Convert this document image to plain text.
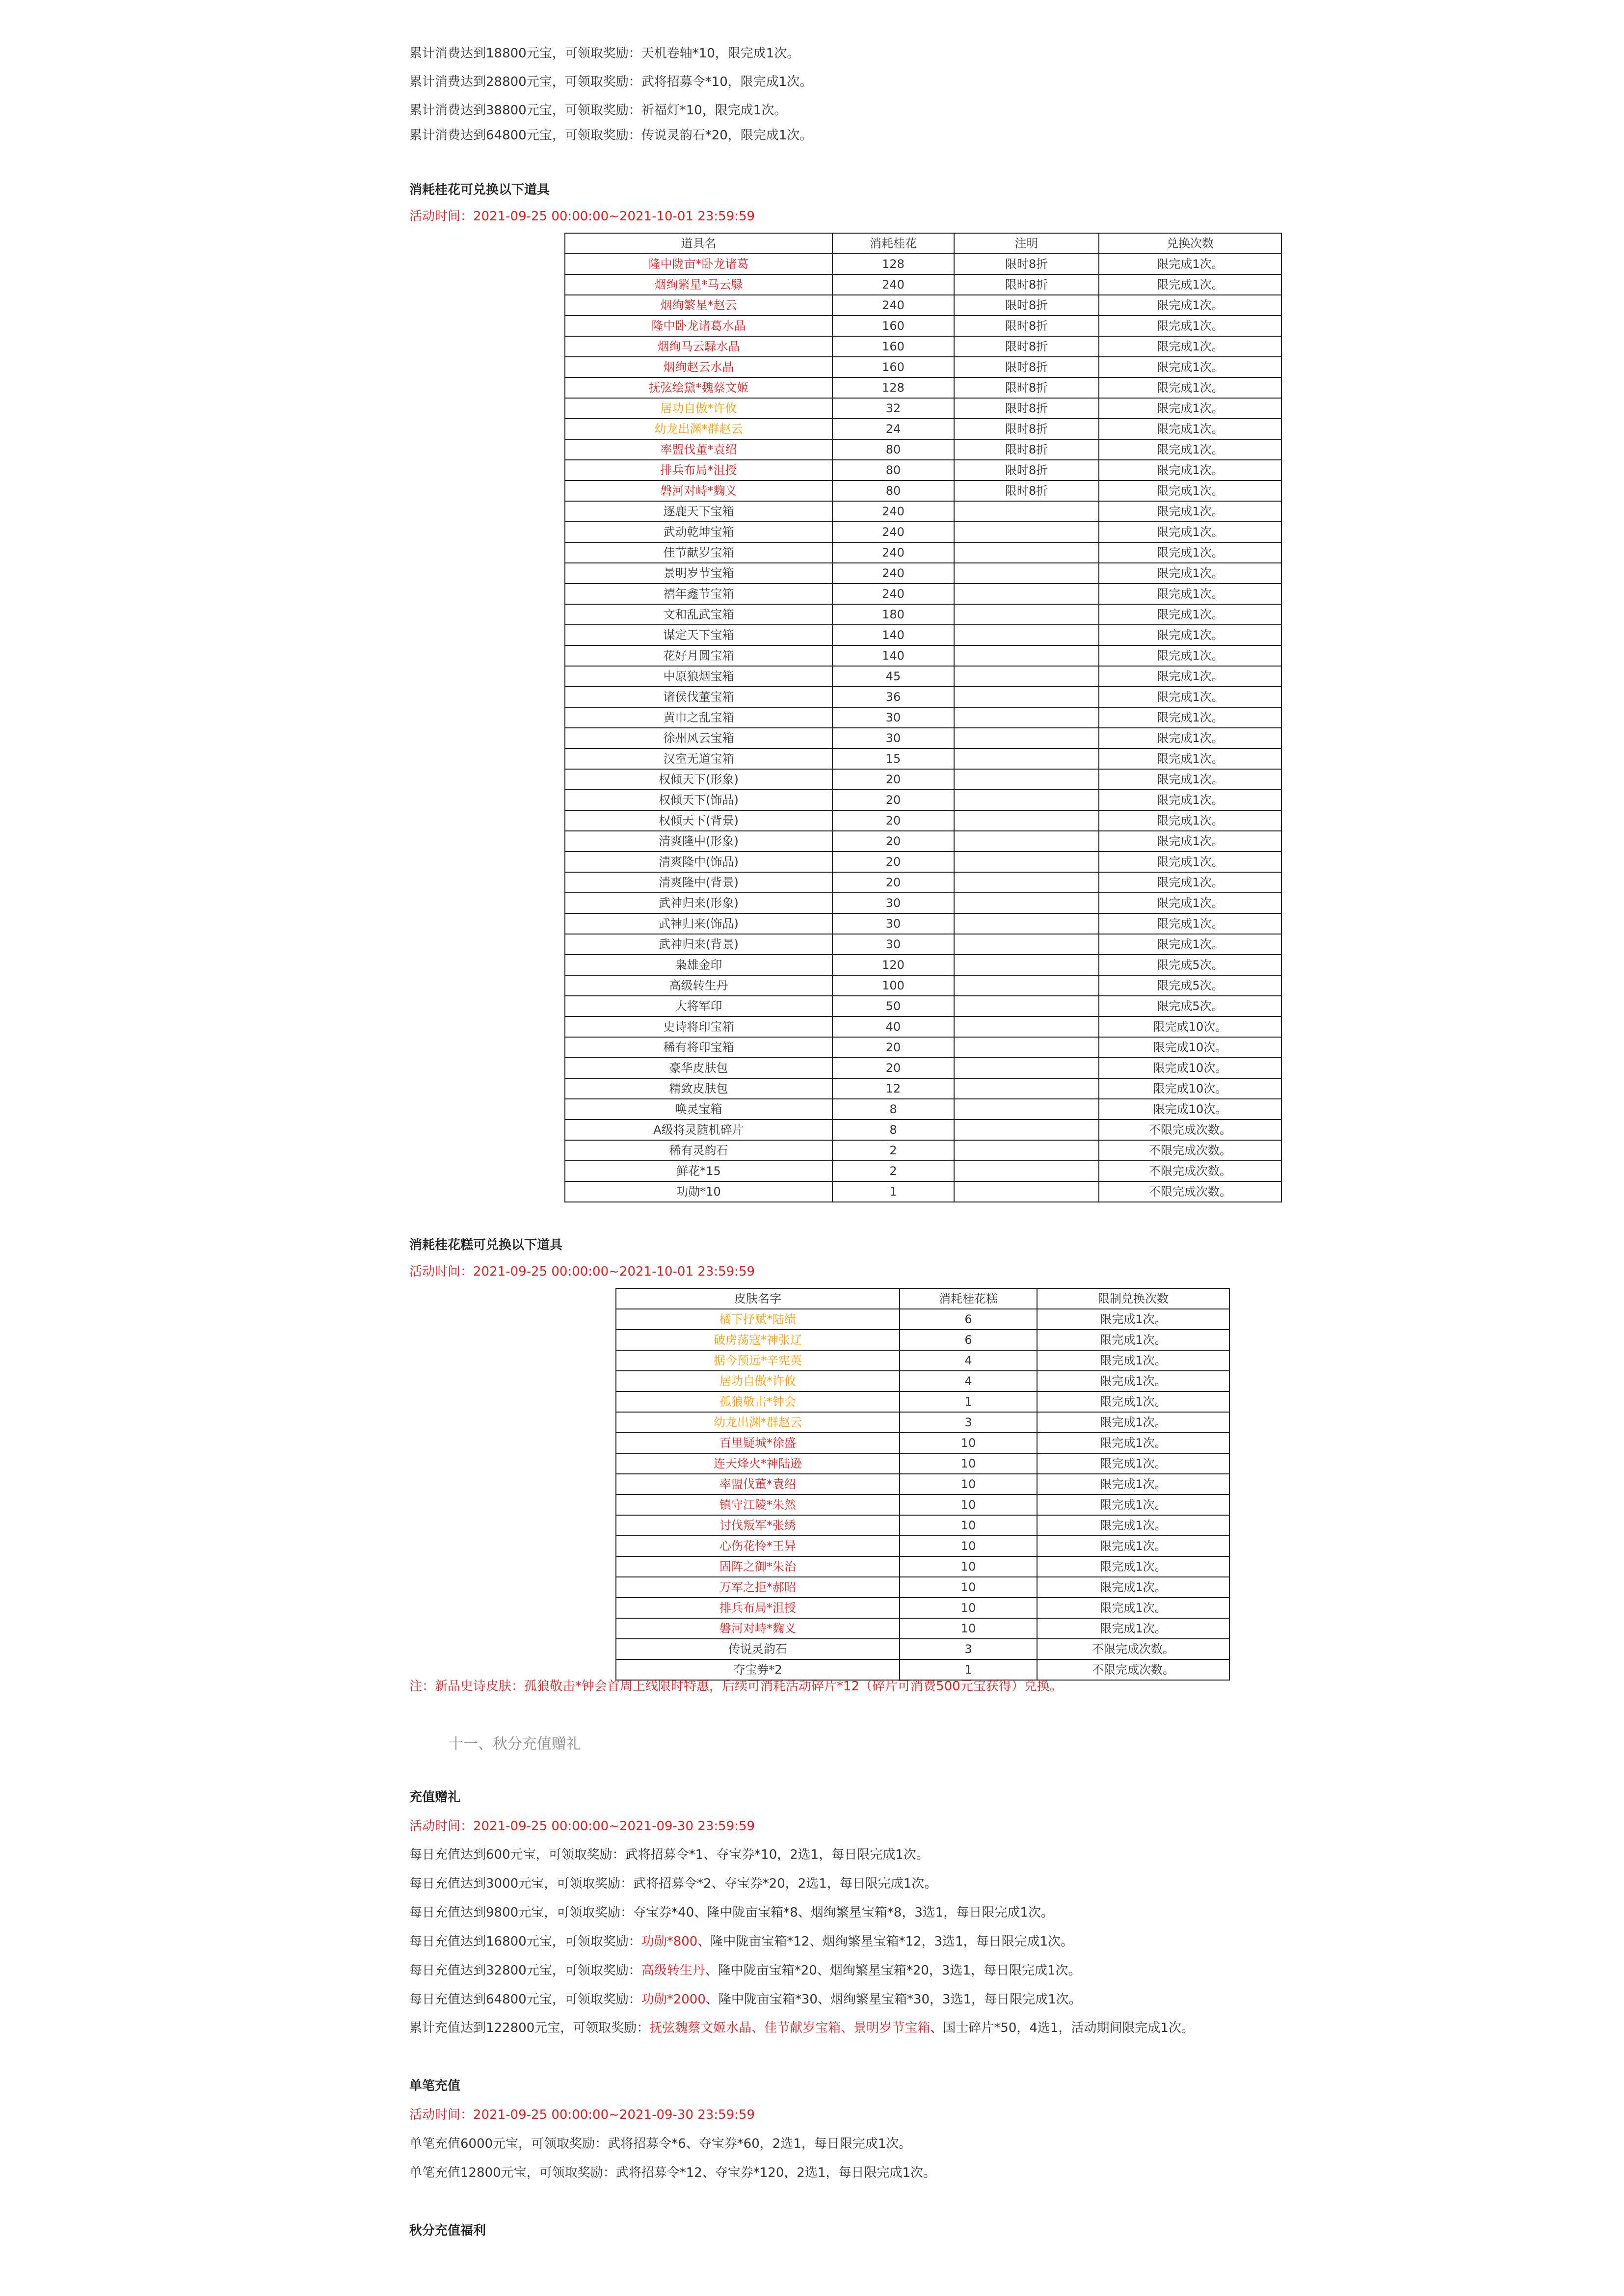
累计消费达到18800元宝，可领取奖励：天机卷轴*10，限完成1次。
累计消费达到28800元宝，可领取奖励：武将招募令*10，限完成1次。
累计消费达到38800元宝，可领取奖励：祈福灯*10，限完成1次。
累计消费达到64800元宝，可领取奖励：传说灵韵石*20，限完成1次。
消耗桂花可兑换以下道具
活动时间：2021-09-25 00:00:00~2021-10-01 23:59:59
道具名	消耗桂花	注明	兑换次数
隆中陇亩*卧龙诸葛	128	限时8折	限完成1次。
烟绚繁星*马云騄	240	限时8折	限完成1次。
烟绚繁星*赵云	240	限时8折	限完成1次。
隆中卧龙诸葛水晶	160	限时8折	限完成1次。
烟绚马云騄水晶	160	限时8折	限完成1次。
烟绚赵云水晶	160	限时8折	限完成1次。
抚弦绘黛*魏蔡文姬	128	限时8折	限完成1次。
居功自傲*许攸	32	限时8折	限完成1次。
幼龙出渊*群赵云	24	限时8折	限完成1次。
率盟伐董*袁绍	80	限时8折	限完成1次。
排兵布局*沮授	80	限时8折	限完成1次。
磐河对峙*麴义	80	限时8折	限完成1次。
逐鹿天下宝箱	240		限完成1次。
武动乾坤宝箱	240		限完成1次。
佳节献岁宝箱	240		限完成1次。
景明岁节宝箱	240		限完成1次。
禧年鑫节宝箱	240		限完成1次。
文和乱武宝箱	180		限完成1次。
谋定天下宝箱	140		限完成1次。
花好月圆宝箱	140		限完成1次。
中原狼烟宝箱	45		限完成1次。
诸侯伐董宝箱	36		限完成1次。
黄巾之乱宝箱	30		限完成1次。
徐州风云宝箱	30		限完成1次。
汉室无道宝箱	15		限完成1次。
权倾天下(形象)	20		限完成1次。
权倾天下(饰品)	20		限完成1次。
权倾天下(背景)	20		限完成1次。
清爽隆中(形象)	20		限完成1次。
清爽隆中(饰品)	20		限完成1次。
清爽隆中(背景)	20		限完成1次。
武神归来(形象)	30		限完成1次。
武神归来(饰品)	30		限完成1次。
武神归来(背景)	30		限完成1次。
枭雄金印	120		限完成5次。
高级转生丹	100		限完成5次。
大将军印	50		限完成5次。
史诗将印宝箱	40		限完成10次。
稀有将印宝箱	20		限完成10次。
豪华皮肤包	20		限完成10次。
精致皮肤包	12		限完成10次。
唤灵宝箱	8		限完成10次。
A级将灵随机碎片	8		不限完成次数。
稀有灵韵石	2		不限完成次数。
鲜花*15	2		不限完成次数。
功勋*10	1		不限完成次数。
消耗桂花糕可兑换以下道具
活动时间：2021-09-25 00:00:00~2021-10-01 23:59:59
皮肤名字	消耗桂花糕	限制兑换次数
橘下抒赋*陆绩	6	限完成1次。
破虏荡寇*神张辽	6	限完成1次。
据今预远*辛宪英	4	限完成1次。
居功自傲*许攸	4	限完成1次。
孤狼敬击*钟会	1	限完成1次。
幼龙出渊*群赵云	3	限完成1次。
百里疑城*徐盛	10	限完成1次。
连天烽火*神陆逊	10	限完成1次。
率盟伐董*袁绍	10	限完成1次。
镇守江陵*朱然	10	限完成1次。
讨伐叛军*张绣	10	限完成1次。
心伤花怜*王异	10	限完成1次。
固阵之御*朱治	10	限完成1次。
万军之拒*郝昭	10	限完成1次。
排兵布局*沮授	10	限完成1次。
磐河对峙*麴义	10	限完成1次。
传说灵韵石	3	不限完成次数。
夺宝券*2	1	不限完成次数。
注：新品史诗皮肤：孤狼敬击*钟会首周上线限时特惠，后续可消耗活动碎片*12（碎片可消费500元宝获得）兑换。
十一、秋分充值赠礼
充值赠礼
活动时间：2021-09-25 00:00:00~2021-09-30 23:59:59
每日充值达到600元宝，可领取奖励：武将招募令*1、夺宝券*10，2选1，每日限完成1次。
每日充值达到3000元宝，可领取奖励：武将招募令*2、夺宝券*20，2选1，每日限完成1次。
每日充值达到9800元宝，可领取奖励：夺宝券*40、隆中陇亩宝箱*8、烟绚繁星宝箱*8，3选1，每日限完成1次。
每日充值达到16800元宝，可领取奖励：功勋*800、隆中陇亩宝箱*12、烟绚繁星宝箱*12，3选1，每日限完成1次。
每日充值达到32800元宝，可领取奖励：高级转生丹、隆中陇亩宝箱*20、烟绚繁星宝箱*20，3选1，每日限完成1次。
每日充值达到64800元宝，可领取奖励：功勋*2000、隆中陇亩宝箱*30、烟绚繁星宝箱*30，3选1，每日限完成1次。
累计充值达到122800元宝，可领取奖励：抚弦魏蔡文姬水晶、佳节献岁宝箱、景明岁节宝箱、国士碎片*50，4选1，活动期间限完成1次。
单笔充值
活动时间：2021-09-25 00:00:00~2021-09-30 23:59:59
单笔充值6000元宝，可领取奖励：武将招募令*6、夺宝券*60，2选1，每日限完成1次。
单笔充值12800元宝，可领取奖励：武将招募令*12、夺宝券*120，2选1，每日限完成1次。
秋分充值福利
